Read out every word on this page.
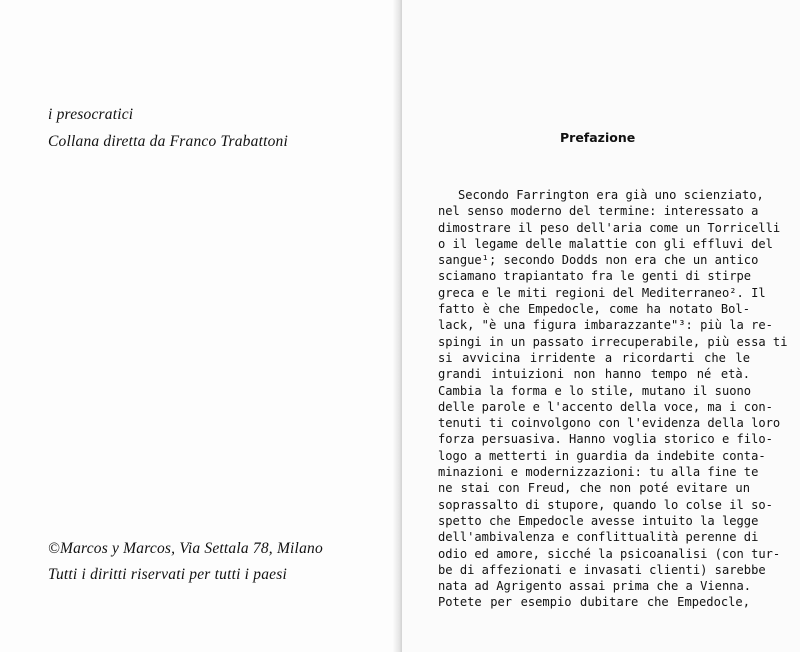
i presocratici
Collana diretta da Franco Trabattoni
©Marcos y Marcos, Via Settala 78, Milano
Tutti i diritti riservati per tutti i paesi
Prefazione
Secondo Farrington era già uno scienziato,
nel senso moderno del termine: interessato a
dimostrare il peso dell'aria come un Torricelli
o il legame delle malattie con gli effluvi del
sangue¹; secondo Dodds non era che un antico
sciamano trapiantato fra le genti di stirpe
greca e le miti regioni del Mediterraneo². Il
fatto è che Empedocle, come ha notato Bol-
lack, "è una figura imbarazzante"³: più la re-
spingi in un passato irrecuperabile, più essa ti
si avvicina irridente a ricordarti che le
grandi intuizioni non hanno tempo né età.
Cambia la forma e lo stile, mutano il suono
delle parole e l'accento della voce, ma i con-
tenuti ti coinvolgono con l'evidenza della loro
forza persuasiva. Hanno voglia storico e filo-
logo a metterti in guardia da indebite conta-
minazioni e modernizzazioni: tu alla fine te
ne stai con Freud, che non poté evitare un
soprassalto di stupore, quando lo colse il so-
spetto che Empedocle avesse intuito la legge
dell'ambivalenza e conflittualità perenne di
odio ed amore, sicché la psicoanalisi (con tur-
be di affezionati e invasati clienti) sarebbe
nata ad Agrigento assai prima che a Vienna.
Potete per esempio dubitare che Empedocle,
